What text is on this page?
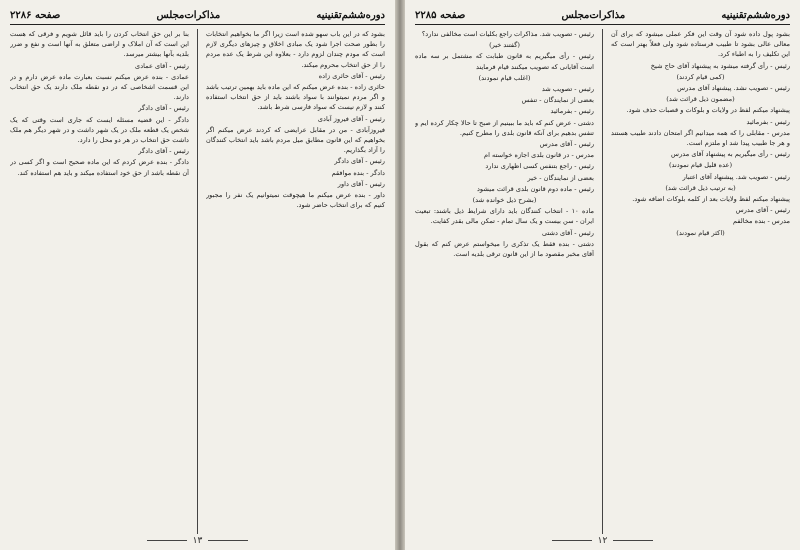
دوره‌ششم‌تقنینیه
مذاکرات‌مجلس
صفحه ۲۲۸۶

بشود که در این باب سهو شده است زیرا اگر ما بخواهیم انتخابات را بطور صحت اجرا شود یک مبادی اخلاق و چیزهای دیگری لازم است که مودم چندان لزوم دارد - بعلاوه این شرط یک عده مردم را از حق انتخاب محروم میکند.

رئیس - آقای حائری زاده

حائری زاده - بنده عرض میکنم که این ماده باید بهمین ترتیب باشد و اگر مردم نمیتوانند با سواد باشند باید از حق انتخاب استفاده کنند و لازم نیست که سواد فارسی شرط باشد.

رئیس - آقای فیروز آبادی

فیروزآبادی - من در مقابل عرایضی که کردند عرض میکنم اگر بخواهیم که این قانون مطابق میل مردم باشد باید انتخاب کنندگان را آزاد بگذاریم.

رئیس - آقای دادگر

دادگر - بنده موافقم

رئیس - آقای داور

داور - بنده عرض میکنم ما هیچوقت نمیتوانیم یک نفر را مجبور کنیم که برای انتخاب حاضر شود.

بنا بر این حق انتخاب کردن را باید قائل شویم و فرقی که هست این است که آن املاک و اراضی متعلق به آنها است و نفع و ضرر بلدیه بآنها بیشتر میرسد.

رئیس - آقای عمادی

عمادی - بنده عرض میکنم نسبت بعبارت ماده عرض دارم و در این قسمت اشخاصی که در دو نقطه ملک دارند یک حق انتخاب دارند.

رئیس - آقای دادگر

دادگر - این قضیه مسئله ایست که جاری است وقتی که یک شخص یک قطعه ملک در یک شهر داشت و در شهر دیگر هم ملک داشت حق انتخاب در هر دو محل را دارد.

رئیس - آقای دادگر

دادگر - بنده عرض کردم که این ماده صحیح است و اگر کسی در آن نقطه باشد از حق خود استفاده میکند و باید هم استفاده کند.

۱۳
دوره‌ششم‌تقنینیه
مذاکرات‌مجلس
صفحه ۲۲۸۵

بشود پول داده شود آن وقت این فکر عملی میشود که برای آن معالی عالی بشود تا طبیب فرستاده شود ولی فعلاً بهتر است که این تکلیف را به اطباء کرد.

رئیس - رأی گرفته میشود به پیشنهاد آقای حاج شیخ

(کمی قیام کردند)

رئیس - تصویب نشد. پیشنهاد آقای مدرس

(مضمون ذیل قرائت شد)

پیشنهاد میکنم لفظ در ولایات و بلوکات و قصبات حذف شود.

رئیس - بفرمائید

مدرس - مقابلی را که همه میدانیم اگر امتحان دادند طبیب هستند و هر جا طبیب پیدا شد او ملتزم است.

رئیس - رأی میگیریم به پیشنهاد آقای مدرس

(عده قلیل قیام نمودند)

رئیس - تصویب شد. پیشنهاد آقای اعتبار

(به ترتیب ذیل قرائت شد)

پیشنهاد میکنم لفظ ولایات بعد از کلمه بلوکات اضافه شود.

رئیس - آقای مدرس

مدرس - بنده مخالفم

(اکثر قیام نمودند)

رئیس - تصویب شد. مذاکرات راجع بکلیات است مخالفی ندارد؟

(گفتند خیر)

رئیس - رأی میگیریم به قانون طبابت که مشتمل بر سه ماده است آقایانی که تصویب میکنند قیام فرمایند

(اغلب قیام نمودند)

رئیس - تصویب شد

بعضی از نمایندگان - تنفس

رئیس - بفرمائید

دشتی - عرض کنم که باید ما ببینیم از صبح تا حالا چکار کرده ایم و تنفس بدهیم برای آنکه قانون بلدی را مطرح کنیم.

رئیس - آقای مدرس

مدرس - در قانون بلدی اجازه خواسته ام

رئیس - راجع بتنفس کسی اظهاری ندارد

بعضی از نمایندگان - خیر

رئیس - ماده دوم قانون بلدی قرائت میشود

(بشرح ذیل خوانده شد)

ماده ۱۰ - انتخاب کنندگان باید دارای شرایط ذیل باشند: تبعیت ایران - سن بیست و یک سال تمام - تمکن مالی بقدر کفایت.

رئیس - آقای دشتی

دشتی - بنده فقط یک تذکری را میخواستم عرض کنم که بقول آقای مخبر مقصود ما از این قانون ترقی بلدیه است.

۱۲
